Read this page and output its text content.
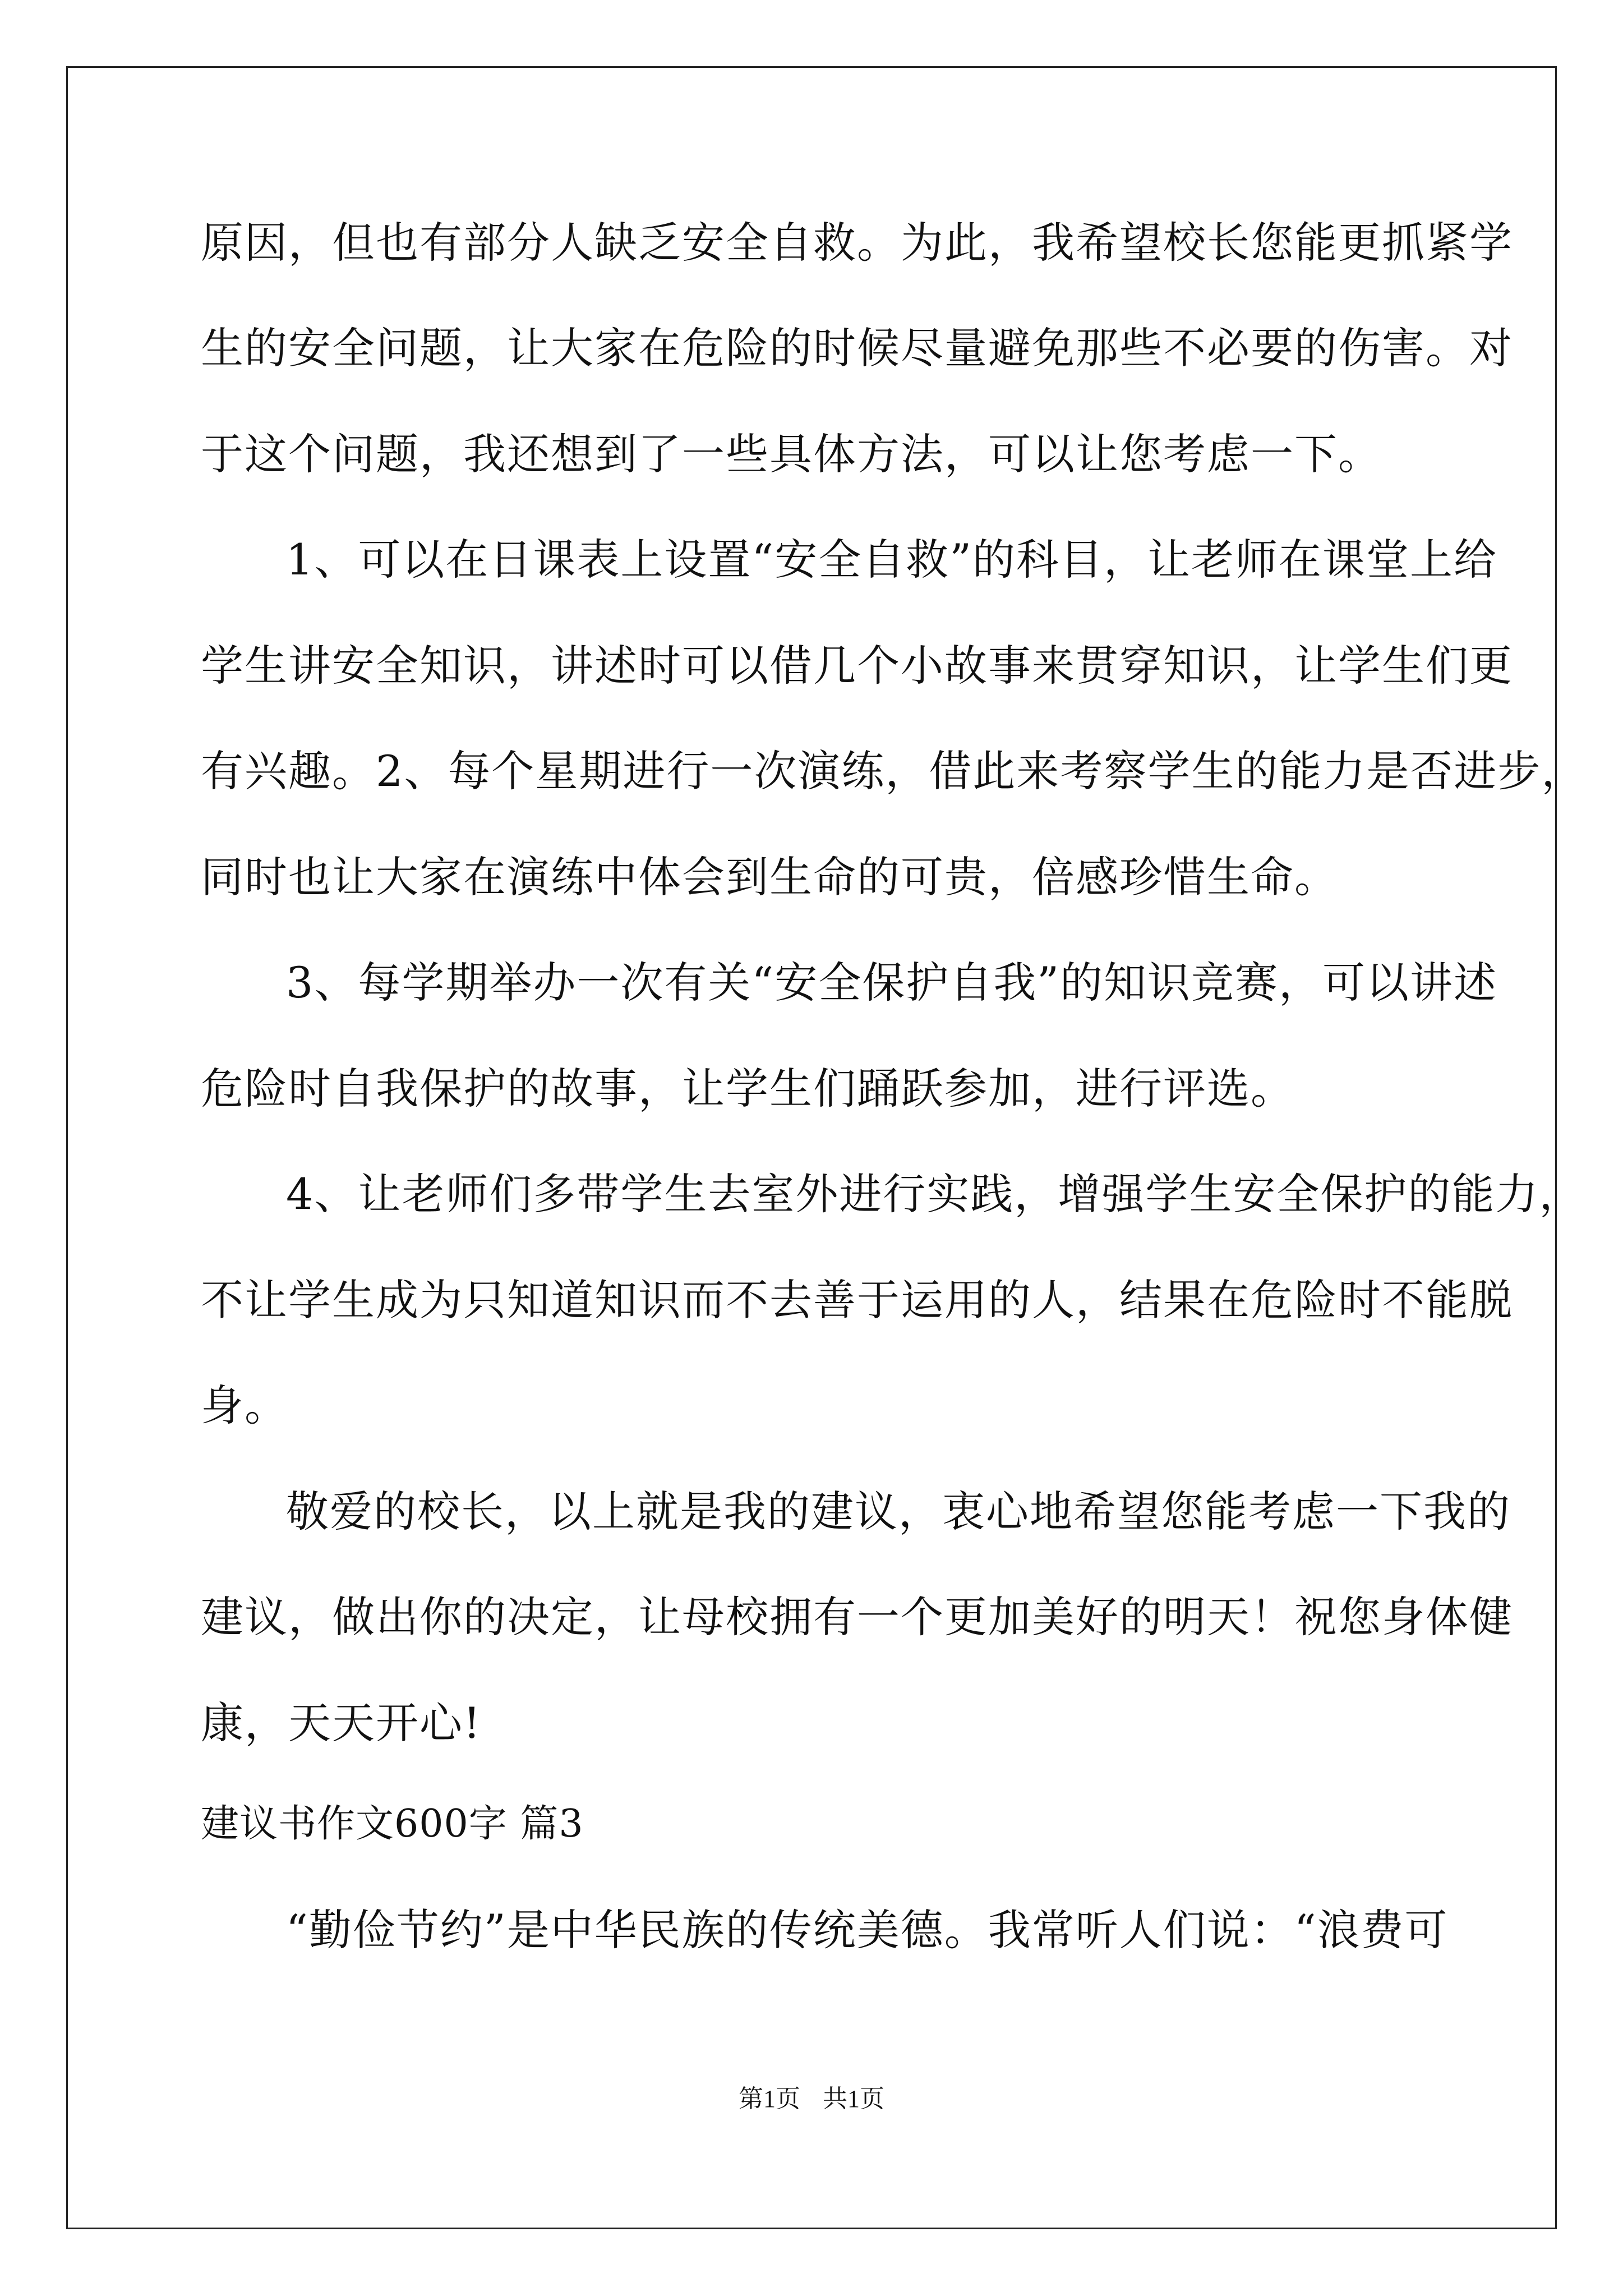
原因，但也有部分人缺乏安全自救。为此，我希望校长您能更抓紧学
生的安全问题，让大家在危险的时候尽量避免那些不必要的伤害。对
于这个问题，我还想到了一些具体方法，可以让您考虑一下。
1、可以在日课表上设置“安全自救”的科目，让老师在课堂上给
学生讲安全知识，讲述时可以借几个小故事来贯穿知识，让学生们更
有兴趣。2、每个星期进行一次演练，借此来考察学生的能力是否进步，
同时也让大家在演练中体会到生命的可贵，倍感珍惜生命。
3、每学期举办一次有关“安全保护自我”的知识竞赛，可以讲述
危险时自我保护的故事，让学生们踊跃参加，进行评选。
4、让老师们多带学生去室外进行实践，增强学生安全保护的能力，
不让学生成为只知道知识而不去善于运用的人，结果在危险时不能脱
身。
敬爱的校长，以上就是我的建议，衷心地希望您能考虑一下我的
建议，做出你的决定，让母校拥有一个更加美好的明天！祝您身体健
康，天天开心!
建议书作文600字 篇3
“勤俭节约”是中华民族的传统美德。我常听人们说：“浪费可
第1页 共1页
